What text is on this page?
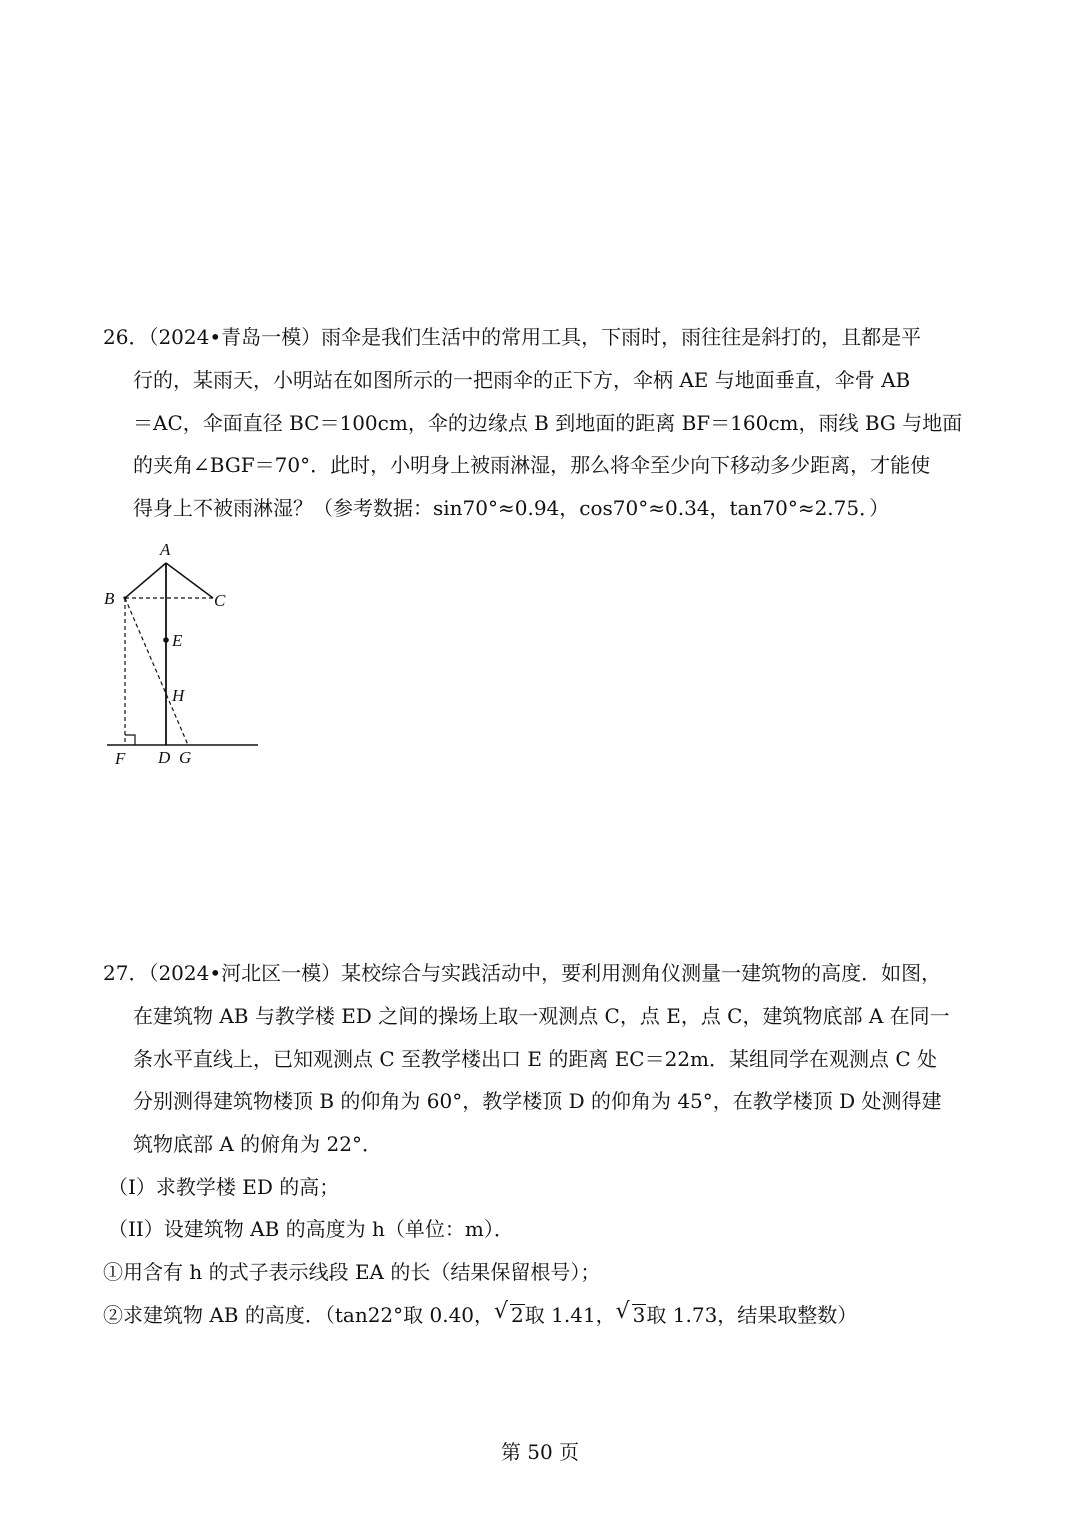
26．（2024•青岛一模）雨伞是我们生活中的常用工具，下雨时，雨往往是斜打的，且都是平
行的，某雨天，小明站在如图所示的一把雨伞的正下方，伞柄 AE 与地面垂直，伞骨 AB
＝AC，伞面直径 BC＝100cm，伞的边缘点 B 到地面的距离 BF＝160cm，雨线 BG 与地面
的夹角∠BGF＝70°．此时，小明身上被雨淋湿，那么将伞至少向下移动多少距离，才能使
得身上不被雨淋湿？（参考数据：sin70°≈0.94，cos70°≈0.34，tan70°≈2.75．）
A
B	C
E
H
F D G
27．（2024•河北区一模）某校综合与实践活动中，要利用测角仪测量一建筑物的高度．如图，
在建筑物 AB 与教学楼 ED 之间的操场上取一观测点 C，点 E，点 C，建筑物底部 A 在同一
条水平直线上，已知观测点 C 至教学楼出口 E 的距离 EC＝22m．某组同学在观测点 C 处
分别测得建筑物楼顶 B 的仰角为 60°，教学楼顶 D 的仰角为 45°，在教学楼顶 D 处测得建
筑物底部 A 的俯角为 22°．
（I）求教学楼 ED 的高；
（II）设建筑物 AB 的高度为 h（单位：m）．
①用含有 h 的式子表示线段 EA 的长（结果保留根号）；
②求建筑物 AB 的高度．（tan22°取 0.40， √ 2取 1.41， √ 3取 1.73，结果取整数）
第 50 页
